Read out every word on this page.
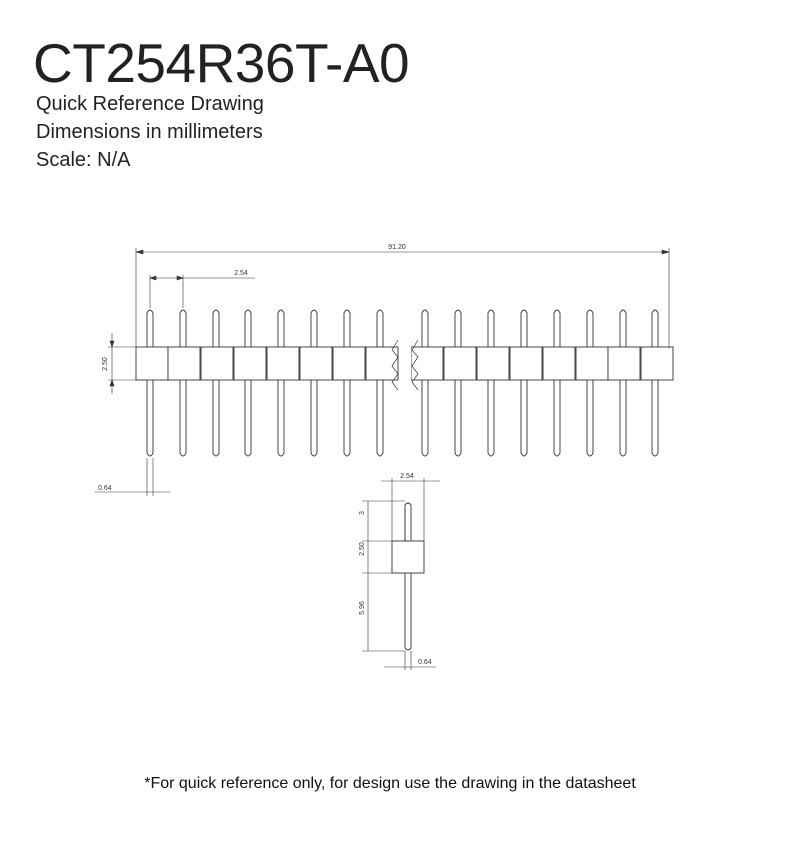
CT254R36T-A0
Quick Reference Drawing
Dimensions in millimeters
Scale: N/A
91.20
2.54
2.50
0.64
2.54
3
2.50
5.96
0.64
*For quick reference only, for design use the drawing in the datasheet
